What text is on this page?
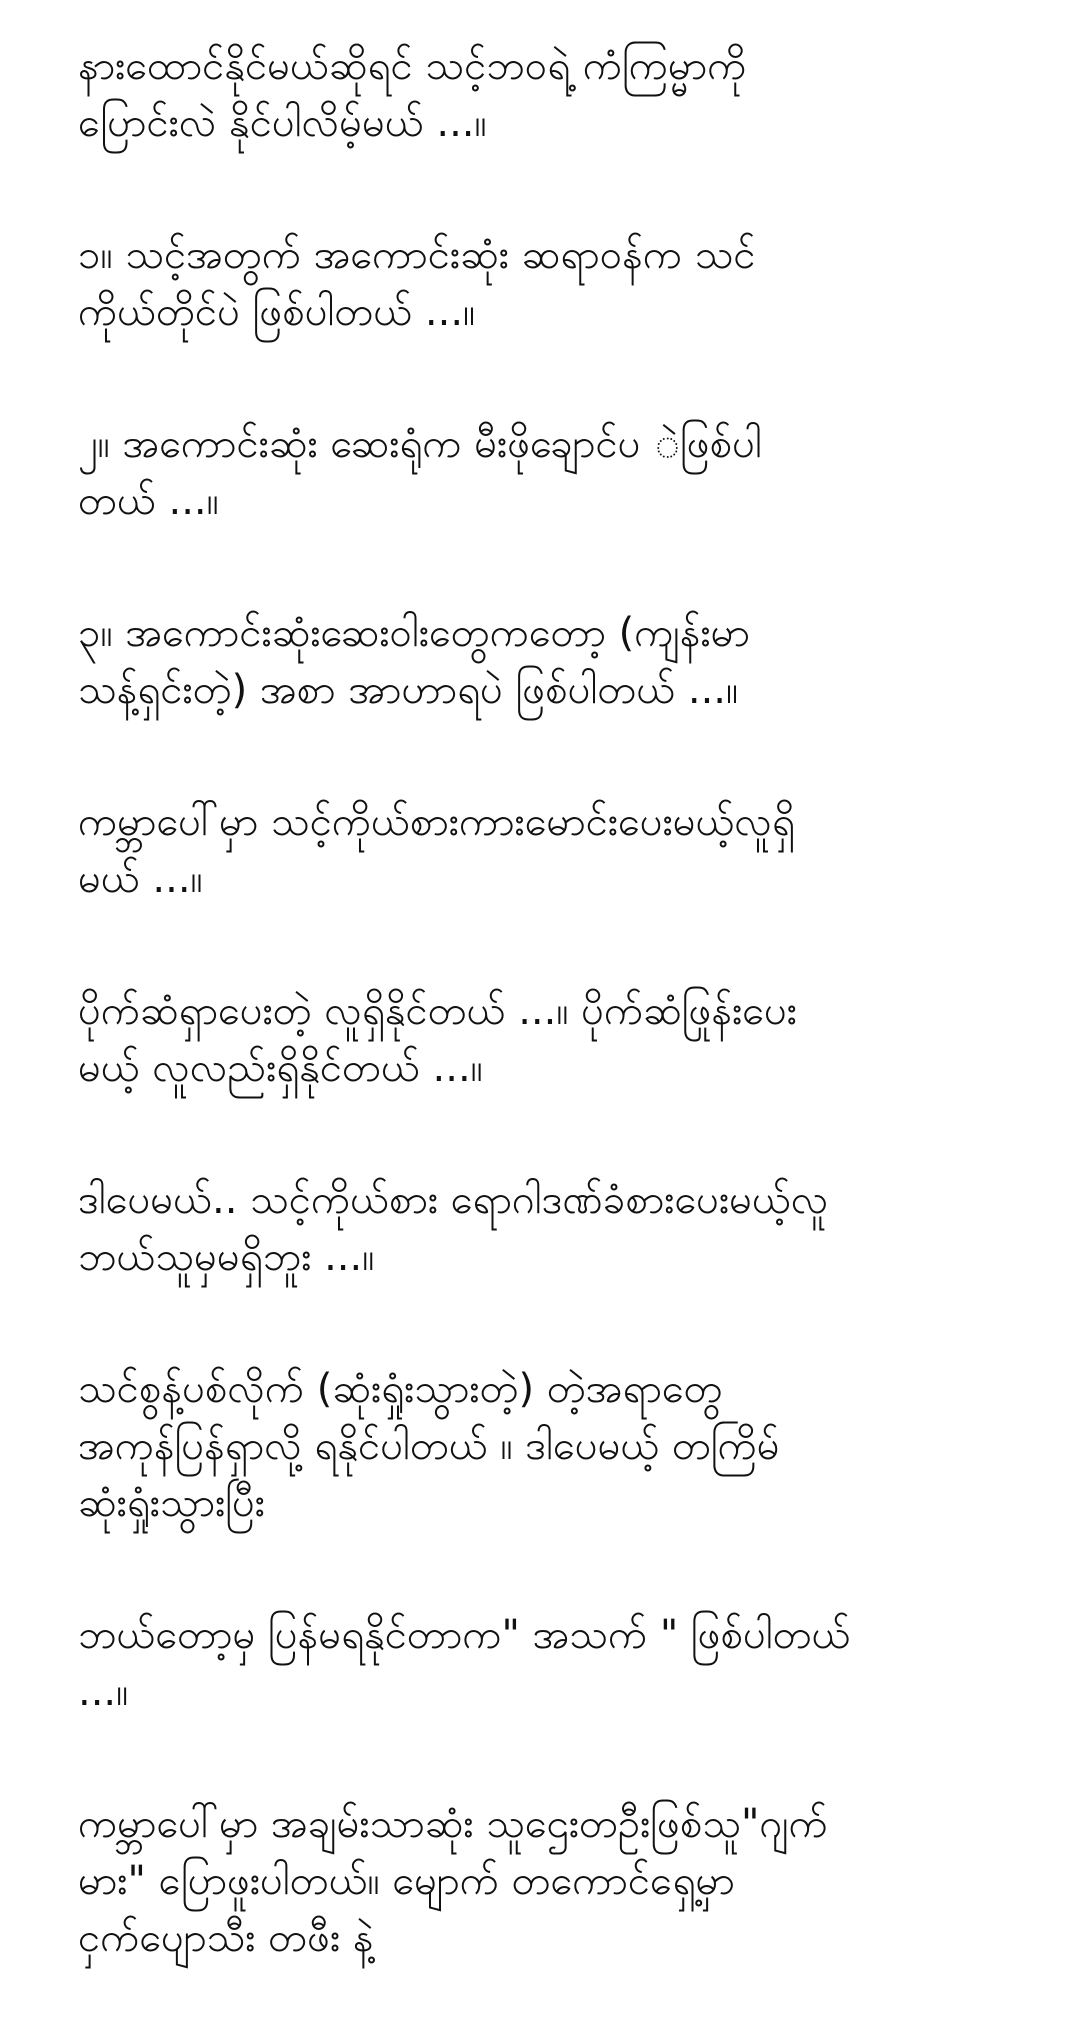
နားထောင်နိုင်မယ်ဆိုရင် သင့်ဘဝရဲ့ ကံကြမ္မာကို
ပြောင်းလဲ နိုင်ပါလိမ့်မယ် ...။

၁။ သင့်အတွက် အကောင်းဆုံး ဆရာဝန်က သင်
ကိုယ်တိုင်ပဲ ဖြစ်ပါတယ် ...။

၂။ အကောင်းဆုံး ဆေးရုံက မီးဖိုချောင်ပ ဲဖြစ်ပါ
တယ် ...။

၃။ အကောင်းဆုံးဆေးဝါးတွေကတော့ (ကျန်းမာ
သန့်ရှင်းတဲ့) အစာ အာဟာရပဲ ဖြစ်ပါတယ် ...။

ကမ္ဘာပေါ်မှာ သင့်ကိုယ်စားကားမောင်းပေးမယ့်လူရှိ
မယ် ...။

ပိုက်ဆံရှာပေးတဲ့ လူရှိနိုင်တယ် ...။ ပိုက်ဆံဖြုန်းပေး
မယ့် လူလည်းရှိနိုင်တယ် ...။

ဒါပေမယ်.. သင့်ကိုယ်စား ရောဂါဒဏ်ခံစားပေးမယ့်လူ
ဘယ်သူမှမရှိဘူး ...။

သင်စွန့်ပစ်လိုက် (ဆုံးရှုံးသွားတဲ့) တဲ့အရာတွေ
အကုန်ပြန်ရှာလို့ ရနိုင်ပါတယ် ။ ဒါပေမယ့် တကြိမ်
ဆုံးရှုံးသွားပြီး

ဘယ်တော့မှ ပြန်မရနိုင်တာက" အသက် " ဖြစ်ပါတယ်
...။

ကမ္ဘာပေါ်မှာ အချမ်းသာဆုံး သူဌေးတဦးဖြစ်သူ"ဂျက်
မား" ပြောဖူးပါတယ်။ မျောက် တကောင်ရှေ့မှာ
ငှက်ပျောသီး တဖီး နဲ့
